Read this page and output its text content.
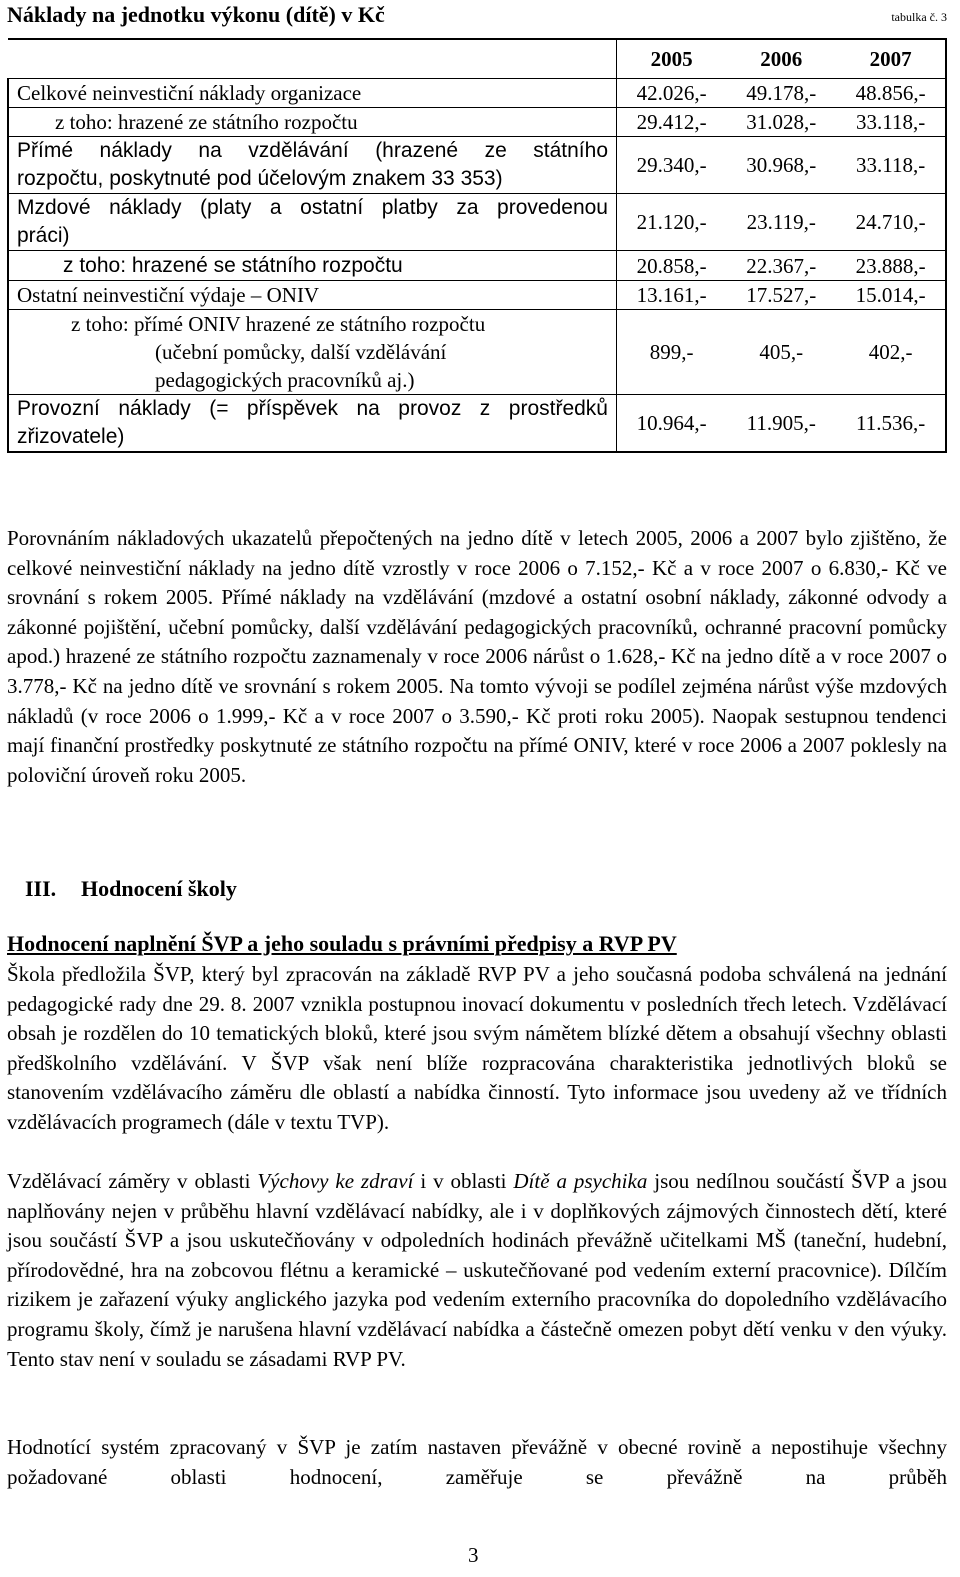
Náklady na jednotku výkonu (dítě) v Kč	tabulka č. 3
	2005	2006	2007
Celkové neinvestiční náklady organizace	42.026,-	49.178,-	48.856,-
z toho: hrazené ze státního rozpočtu	29.412,-	31.028,-	33.118,-

Přímé náklady na vzdělávání (hrazené ze státního
rozpočtu, poskytnuté pod účelovým znakem 33 353)	29.340,-	30.968,-	33.118,-

Mzdové náklady (platy a ostatní platby za provedenou
práci)	21.120,-	23.119,-	24.710,-
z toho: hrazené se státního rozpočtu	20.858,-	22.367,-	23.888,-
Ostatní neinvestiční výdaje – ONIV	13.161,-	17.527,-	15.014,-

z toho: přímé ONIV hrazené ze státního rozpočtu
(učební pomůcky, další vzdělávání
pedagogických pracovníků aj.)	899,-	405,-	402,-

Provozní náklady (= příspěvek na provoz z prostředků
zřizovatele)	10.964,-	11.905,-	11.536,-
Porovnáním nákladových ukazatelů přepočtených na jedno dítě v letech 2005, 2006 a 2007 bylo zjištěno, že celkové neinvestiční náklady na jedno dítě vzrostly v roce 2006 o 7.152,- Kč a v roce 2007 o 6.830,- Kč ve srovnání s rokem 2005. Přímé náklady na vzdělávání (mzdové a ostatní osobní náklady, zákonné odvody a zákonné pojištění, učební pomůcky, další vzdělávání pedagogických pracovníků, ochranné pracovní pomůcky apod.) hrazené ze státního rozpočtu zaznamenaly v roce 2006 nárůst o 1.628,- Kč na jedno dítě a v roce 2007 o 3.778,- Kč na jedno dítě ve srovnání s rokem 2005. Na tomto vývoji se podílel zejména nárůst výše mzdových nákladů (v roce 2006 o 1.999,- Kč a v roce 2007 o 3.590,- Kč proti roku 2005). Naopak sestupnou tendenci mají finanční prostředky poskytnuté ze státního rozpočtu na přímé ONIV, které v roce 2006 a 2007 poklesly na poloviční úroveň roku 2005.
III. Hodnocení školy
Hodnocení naplnění ŠVP a jeho souladu s právními předpisy a RVP PV
Škola předložila ŠVP, který byl zpracován na základě RVP PV a jeho současná podoba schválená na jednání pedagogické rady dne 29. 8. 2007 vznikla postupnou inovací dokumentu v posledních třech letech. Vzdělávací obsah je rozdělen do 10 tematických bloků, které jsou svým námětem blízké dětem a obsahují všechny oblasti předškolního vzdělávání. V ŠVP však není blíže rozpracována charakteristika jednotlivých bloků se stanovením vzdělávacího záměru dle oblastí a nabídka činností. Tyto informace jsou uvedeny až ve třídních vzdělávacích programech (dále v textu TVP).
Vzdělávací záměry v oblasti Výchovy ke zdraví i v oblasti Dítě a psychika jsou nedílnou součástí ŠVP a jsou naplňovány nejen v průběhu hlavní vzdělávací nabídky, ale i v doplňkových zájmových činnostech dětí, které jsou součástí ŠVP a jsou uskutečňovány v odpoledních hodinách převážně učitelkami MŠ (taneční, hudební, přírodovědné, hra na zobcovou flétnu a keramické – uskutečňované pod vedením externí pracovnice). Dílčím rizikem je zařazení výuky anglického jazyka pod vedením externího pracovníka do dopoledního vzdělávacího programu školy, čímž je narušena hlavní vzdělávací nabídka a částečně omezen pobyt dětí venku v den výuky. Tento stav není v souladu se zásadami RVP PV.
Hodnotící systém zpracovaný v ŠVP je zatím nastaven převážně v obecné rovině a nepostihuje všechny požadované oblasti hodnocení, zaměřuje se převážně na průběh
3
